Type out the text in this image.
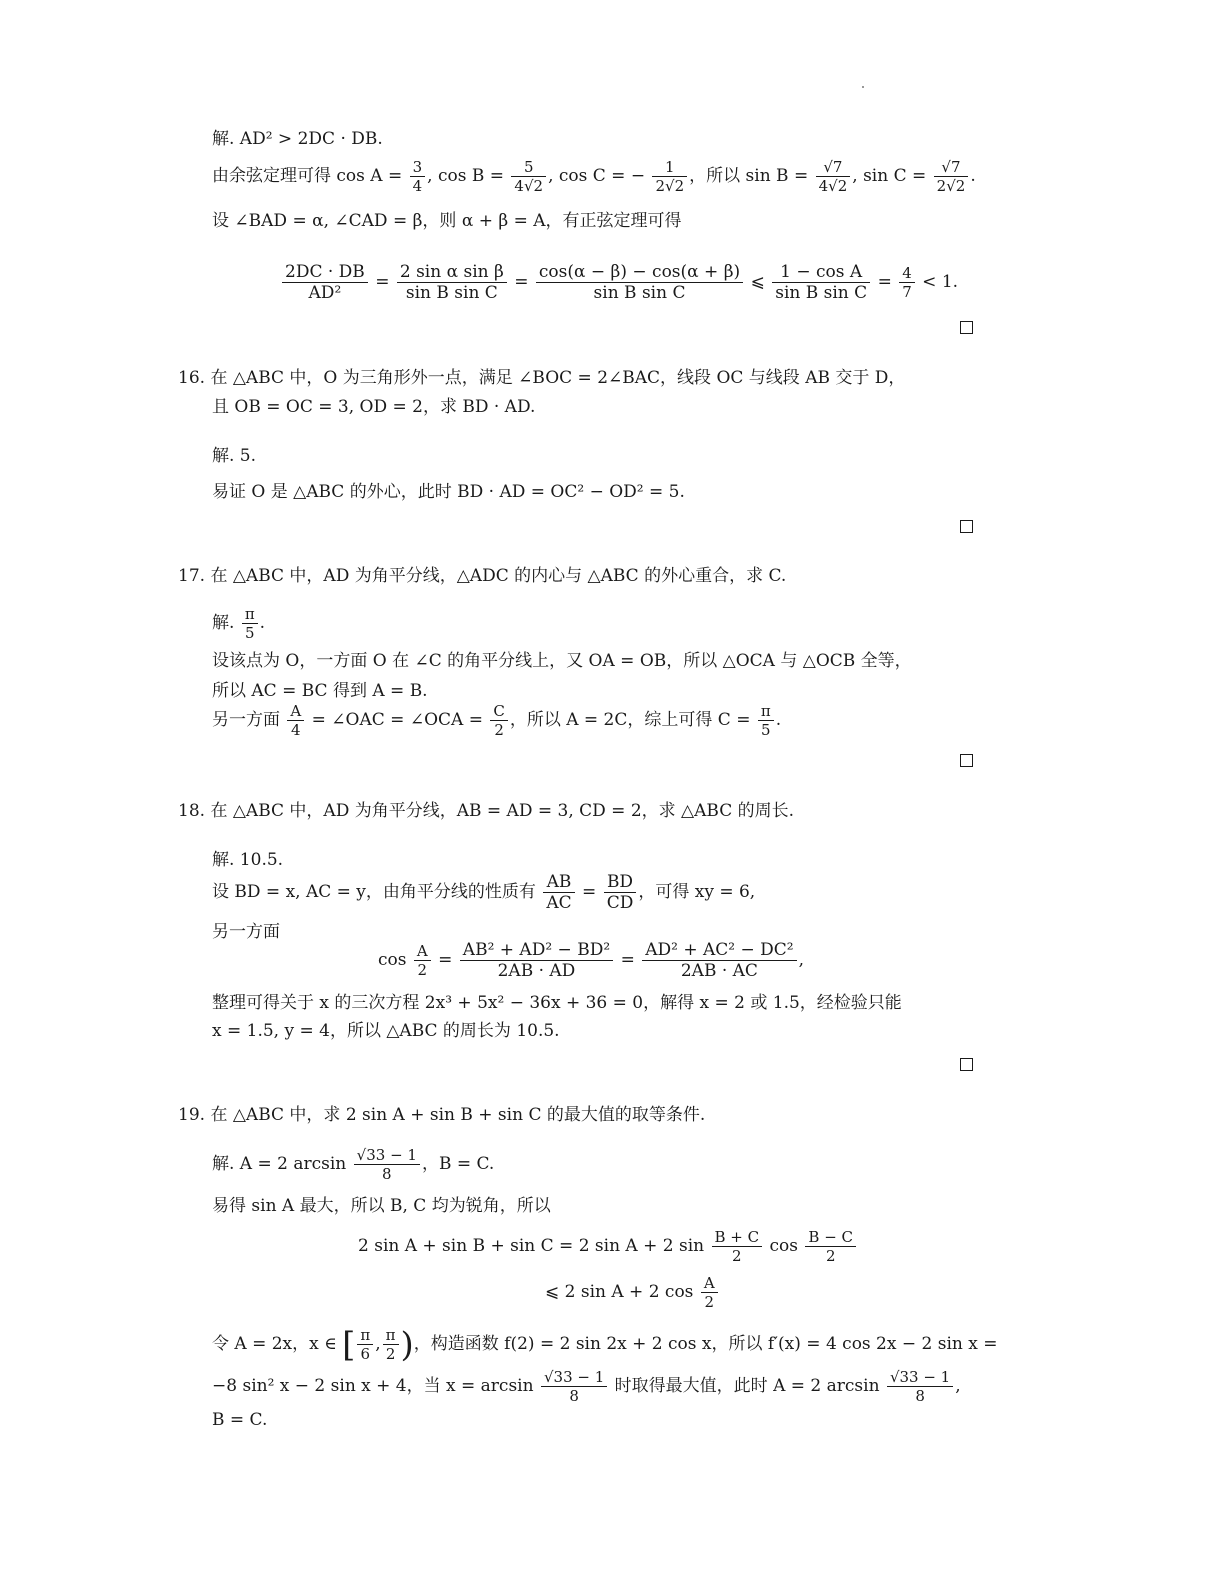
解. AD² > 2DC · DB.
由余弦定理可得 $\cos A = \frac{3}{4}$ , $\cos B = \frac{5}{4√2}$ , cos C = − $\frac{1}{2√2}$ ，所以 $\sin B = \frac{√7}{4√2}$ , $\sin C = \frac{√7}{2√2}$ .
设 ∠BAD = α, ∠CAD = β，则 α + β = A，有正弦定理可得
$\frac{2DC \cdot DB}{\text{AD²}} = \frac{\text{2 sin α sin β}}{\text{sin B sin C}} = \frac{\cos(\alpha - \beta) - \cos(\alpha + \beta)}{\text{sin B sin C}}$ ⩽ $\frac{\text{1 − cos A}}{\text{sin B sin C}} = \frac{4}{7} < 1$.
16. 在 △ABC 中，O 为三角形外一点，满足 ∠BOC = 2∠BAC，线段 OC 与线段 AB 交于 D，
且 OB = OC = 3, OD = 2，求 BD · AD.
解. 5.
易证 O 是 △ABC 的外心，此时 BD · AD = OC² − OD² = 5.
17. 在 △ABC 中，AD 为角平分线，△ADC 的内心与 △ABC 的外心重合，求 C.
解. $\frac{\pi}{5}$ .
设该点为 O，一方面 O 在 ∠C 的角平分线上，又 OA = OB，所以 △OCA 与 △OCB 全等，
所以 AC = BC 得到 A = B.
另一方面 $\frac{A}{4}$ = ∠OAC = ∠OCA = $\frac{C}{2}$ ，所以 A = 2C，综上可得 $C = \frac{\pi}{5}$ .
18. 在 △ABC 中，AD 为角平分线，AB = AD = 3, CD = 2，求 △ABC 的周长.
解. 10.5.
设 BD = x, AC = y，由角平分线的性质有 $\frac{AB}{AC} = \frac{BD}{CD}$ ，可得 xy = 6,
另一方面
$\cos \frac{A}{2} = \frac{\text{AB² + AD² − BD²}}{2AB \cdot AD} = \frac{\text{AD² + AC² − DC²}}{2AB \cdot AC}$ ,
整理可得关于 x 的三次方程 2x³ + 5x² − 36x + 36 = 0，解得 x = 2 或 1.5，经检验只能
x = 1.5, y = 4，所以 △ABC 的周长为 10.5.
19. 在 △ABC 中，求 2 sin A + sin B + sin C 的最大值的取等条件.
解. A = 2 $\arcsin \frac{√33 - 1}{8}$ ，B = C.
易得 sin A 最大，所以 B, C 均为锐角，所以
2 sin A + sin B + sin C = 2 sin A + 2 $\sin \frac{B + C}{2}$ $\cos \frac{B - C}{2}$
⩽ 2 sin A + 2 $\cos \frac{A}{2}$
令 A = 2x，x ∈ [ $\frac{\pi}{6}$ , $\frac{\pi}{2}$ )，构造函数 f(2) = 2 sin 2x + 2 cos x，所以 f′(x) = 4 cos 2x − 2 sin x =
−8 sin² x − 2 sin x + 4，当 $x = \arcsin \frac{√33 - 1}{8}$ 时取得最大值，此时 A = 2 $\arcsin \frac{√33 - 1}{8}$ ,
B = C.
